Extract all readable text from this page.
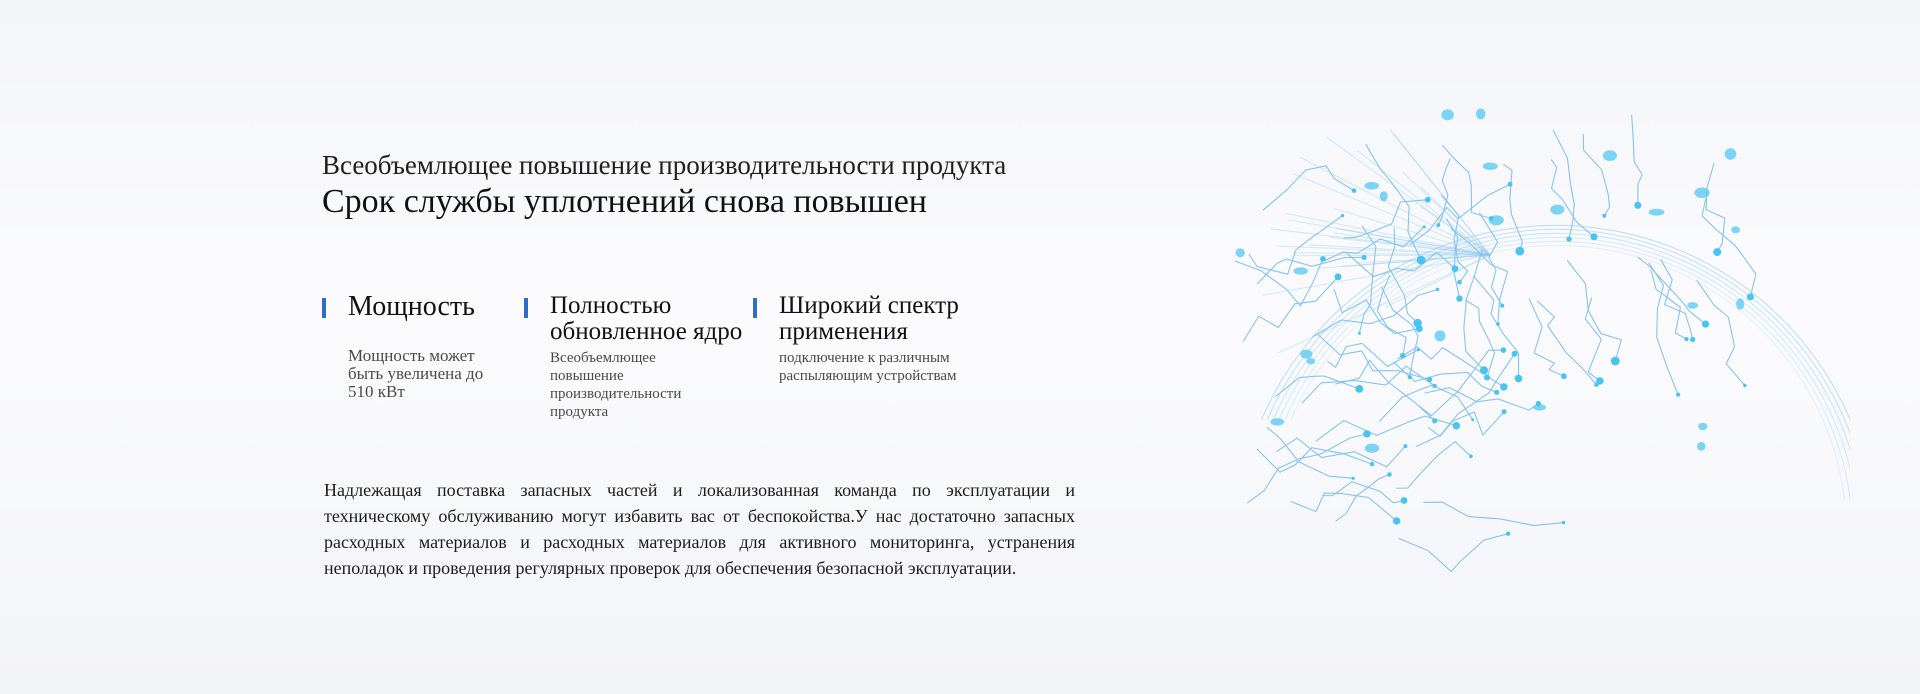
Всеобъемлющее повышение производительности продукта
Срок службы уплотнений снова повышен
Мощность
Мощность может быть увеличена до 510 кВт
Полностью обновленное ядро
Всеобъемлющее повышение производительности продукта
Широкий спектр применения
подключение к различным распыляющим устройствам
Надлежащая поставка запасных частей и локализованная команда по эксплуатации и техническому обслуживанию могут избавить вас от беспокойства.У нас достаточно запасных расходных материалов и расходных материалов для активного мониторинга, устранения неполадок и проведения регулярных проверок для обеспечения безопасной эксплуатации.
